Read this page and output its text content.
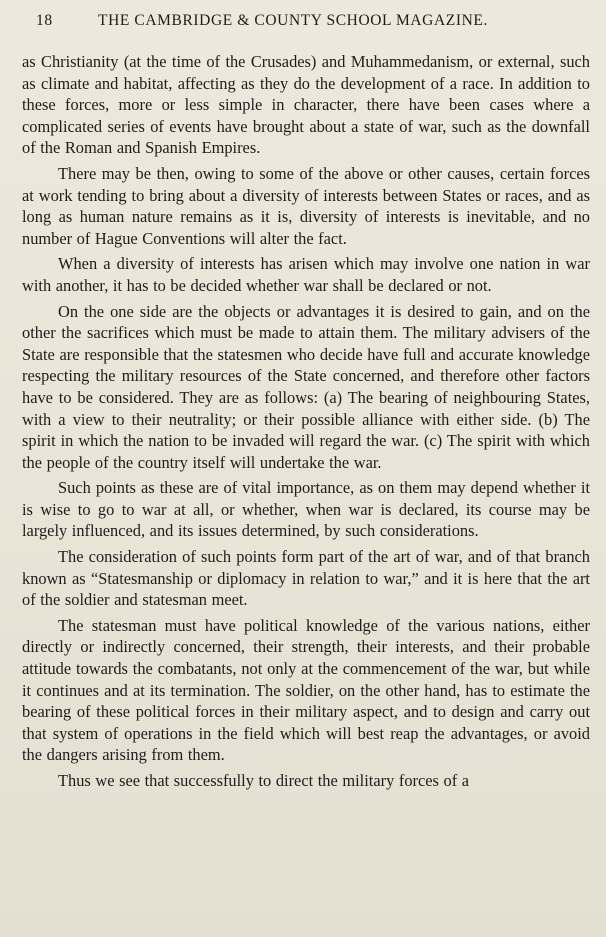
18	THE CAMBRIDGE & COUNTY SCHOOL MAGAZINE.

as Christianity (at the time of the Crusades) and Muhammedanism, or external, such as climate and habitat, affecting as they do the development of a race. In addition to these forces, more or less simple in character, there have been cases where a complicated series of events have brought about a state of war, such as the downfall of the Roman and Spanish Empires.

There may be then, owing to some of the above or other causes, certain forces at work tending to bring about a diversity of interests between States or races, and as long as human nature remains as it is, diversity of interests is inevitable, and no number of Hague Conventions will alter the fact.

When a diversity of interests has arisen which may involve one nation in war with another, it has to be decided whether war shall be declared or not.

On the one side are the objects or advantages it is desired to gain, and on the other the sacrifices which must be made to attain them. The military advisers of the State are responsible that the statesmen who decide have full and accurate knowledge respecting the military resources of the State concerned, and therefore other factors have to be considered. They are as follows: (a) The bearing of neighbouring States, with a view to their neutrality; or their possible alliance with either side. (b) The spirit in which the nation to be invaded will regard the war. (c) The spirit with which the people of the country itself will undertake the war.

Such points as these are of vital importance, as on them may depend whether it is wise to go to war at all, or whether, when war is declared, its course may be largely influenced, and its issues determined, by such considerations.

The consideration of such points form part of the art of war, and of that branch known as “Statesmanship or diplomacy in relation to war,” and it is here that the art of the soldier and statesman meet.

The statesman must have political knowledge of the various nations, either directly or indirectly concerned, their strength, their interests, and their probable attitude towards the combatants, not only at the commencement of the war, but while it continues and at its termination. The soldier, on the other hand, has to estimate the bearing of these political forces in their military aspect, and to design and carry out that system of operations in the field which will best reap the advantages, or avoid the dangers arising from them.

Thus we see that successfully to direct the military forces of a
